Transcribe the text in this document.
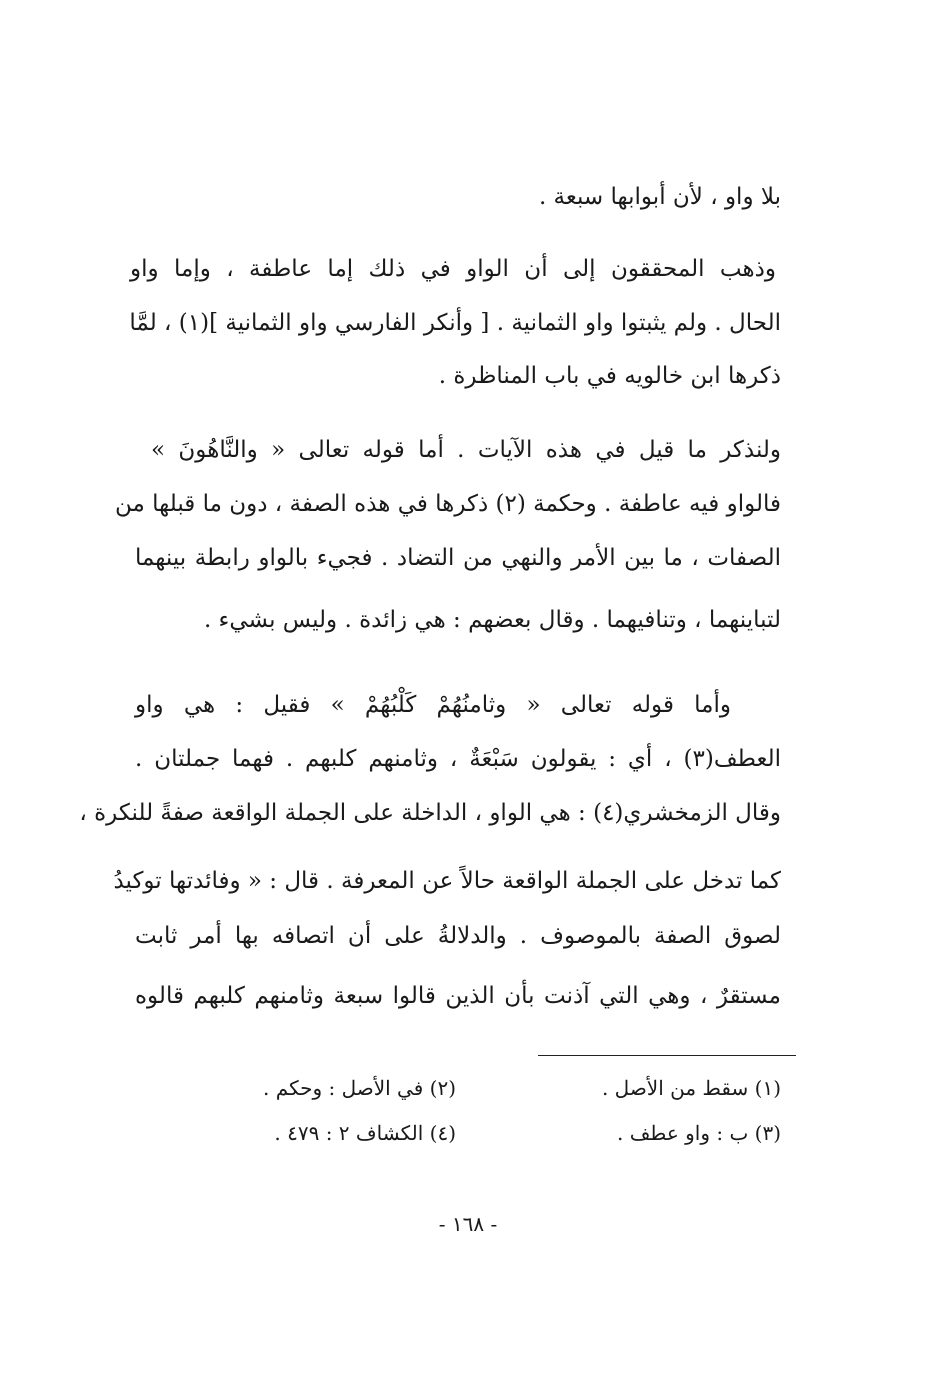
بلا واو ، لأن أبوابها سبعة .
وذهب المحققون إلى أن الواو في ذلك إما عاطفة ، وإما واو
الحال . ولم يثبتوا واو الثمانية . [ وأنكر الفارسي واو الثمانية ](١) ، لمَّا
ذكرها ابن خالويه في باب المناظرة .
ولنذكر ما قيل في هذه الآيات . أما قوله تعالى « والنَّاهُونَ »
فالواو فيه عاطفة . وحكمة (٢) ذكرها في هذه الصفة ، دون ما قبلها من
الصفات ، ما بين الأمر والنهي من التضاد . فجيء بالواو رابطة بينهما
لتباينهما ، وتنافيهما . وقال بعضهم : هي زائدة . وليس بشيء .
وأما قوله تعالى « وثامنُهُمْ كَلْبُهُمْ » فقيل : هي واو
العطف(٣) ، أي : يقولون سَبْعَةٌ ، وثامنهم كلبهم . فهما جملتان .
وقال الزمخشري(٤) : هي الواو ، الداخلة على الجملة الواقعة صفةً للنكرة ،
كما تدخل على الجملة الواقعة حالاً عن المعرفة . قال : « وفائدتها توكيدُ
لصوق الصفة بالموصوف . والدلالةُ على أن اتصافه بها أمر ثابت
مستقرٌ ، وهي التي آذنت بأن الذين قالوا سبعة وثامنهم كلبهم قالوه
(١) سقط من الأصل .
(٢) في الأصل : وحكم .
(٣) ب : واو عطف .
(٤) الكشاف ٢ : ٤٧٩ .
- ١٦٨ -
